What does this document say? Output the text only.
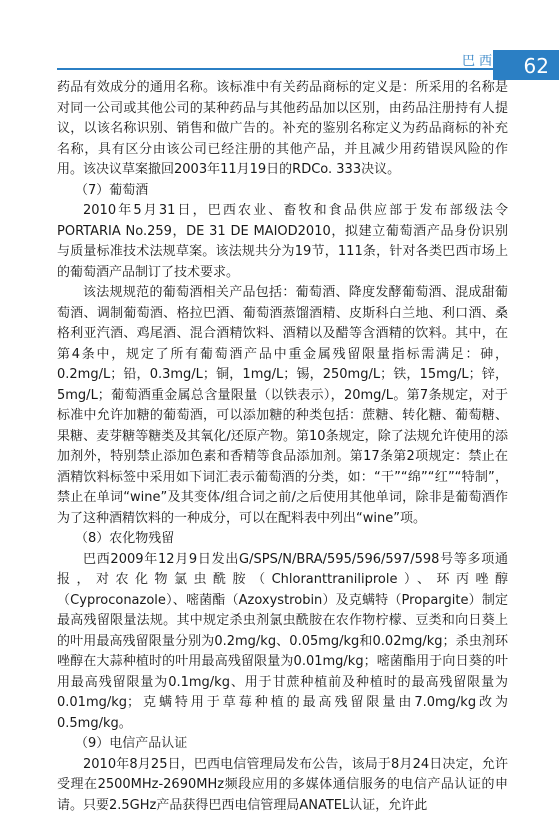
巴西 62

药品有效成分的通用名称。该标准中有关药品商标的定义是：所采用的名称是对同一公司或其他公司的某种药品与其他药品加以区别，由药品注册持有人提议，以该名称识别、销售和做广告的。补充的鉴别名称定义为药品商标的补充名称，具有区分由该公司已经注册的其他产品，并且减少用药错误风险的作用。该决议草案撤回2003年11月19日的RDCo. 333决议。

（7）葡萄酒

2010年5月31日，巴西农业、畜牧和食品供应部于发布部级法令PORTARIA No.259，DE 31 DE MAIOD2010，拟建立葡萄酒产品身份识别与质量标准技术法规草案。该法规共分为19节，111条，针对各类巴西市场上的葡萄酒产品制订了技术要求。

该法规规范的葡萄酒相关产品包括：葡萄酒、降度发酵葡萄酒、混成甜葡萄酒、调制葡萄酒、格拉巴酒、葡萄酒蒸馏酒精、皮斯科白兰地、利口酒、桑格利亚汽酒、鸡尾酒、混合酒精饮料、酒精以及醋等含酒精的饮料。其中，在第4条中，规定了所有葡萄酒产品中重金属残留限量指标需满足：砷，0.2mg/L；铅，0.3mg/L；铜，1mg/L；锡，250mg/L；铁，15mg/L；锌，5mg/L；葡萄酒重金属总含量限量（以铁表示），20mg/L。第7条规定，对于标准中允许加糖的葡萄酒，可以添加糖的种类包括：蔗糖、转化糖、葡萄糖、果糖、麦芽糖等糖类及其氧化/还原产物。第10条规定，除了法规允许使用的添加剂外，特别禁止添加色素和香精等食品添加剂。第17条第2项规定：禁止在酒精饮料标签中采用如下词汇表示葡萄酒的分类，如：“干”“绵”“红”“特制”，禁止在单词“wine”及其变体/组合词之前/之后使用其他单词，除非是葡萄酒作为了这种酒精饮料的一种成分，可以在配料表中列出“wine”项。

（8）农化物残留

巴西2009年12月9日发出G/SPS/N/BRA/595/596/597/598号等多项通报，对农化物氯虫酰胺（Chloranttraniliprole）、环丙唑醇（Cyproconazole）、嘧菌酯（Azoxystrobin）及克螨特（Propargite）制定最高残留限量法规。其中规定杀虫剂氯虫酰胺在农作物柠檬、豆类和向日葵上的叶用最高残留限量分别为0.2mg/kg、0.05mg/kg和0.02mg/kg；杀虫剂环唑醇在大蒜种植时的叶用最高残留限量为0.01mg/kg；嘧菌酯用于向日葵的叶用最高残留限量为0.1mg/kg、用于甘蔗种植前及种植时的最高残留限量为0.01mg/kg；克螨特用于草莓种植的最高残留限量由7.0mg/kg改为0.5mg/kg。

（9）电信产品认证

2010年8月25日，巴西电信管理局发布公告，该局于8月24日决定，允许受理在2500MHz-2690MHz频段应用的多媒体通信服务的电信产品认证的申请。只要2.5GHz产品获得巴西电信管理局ANATEL认证，允许此
